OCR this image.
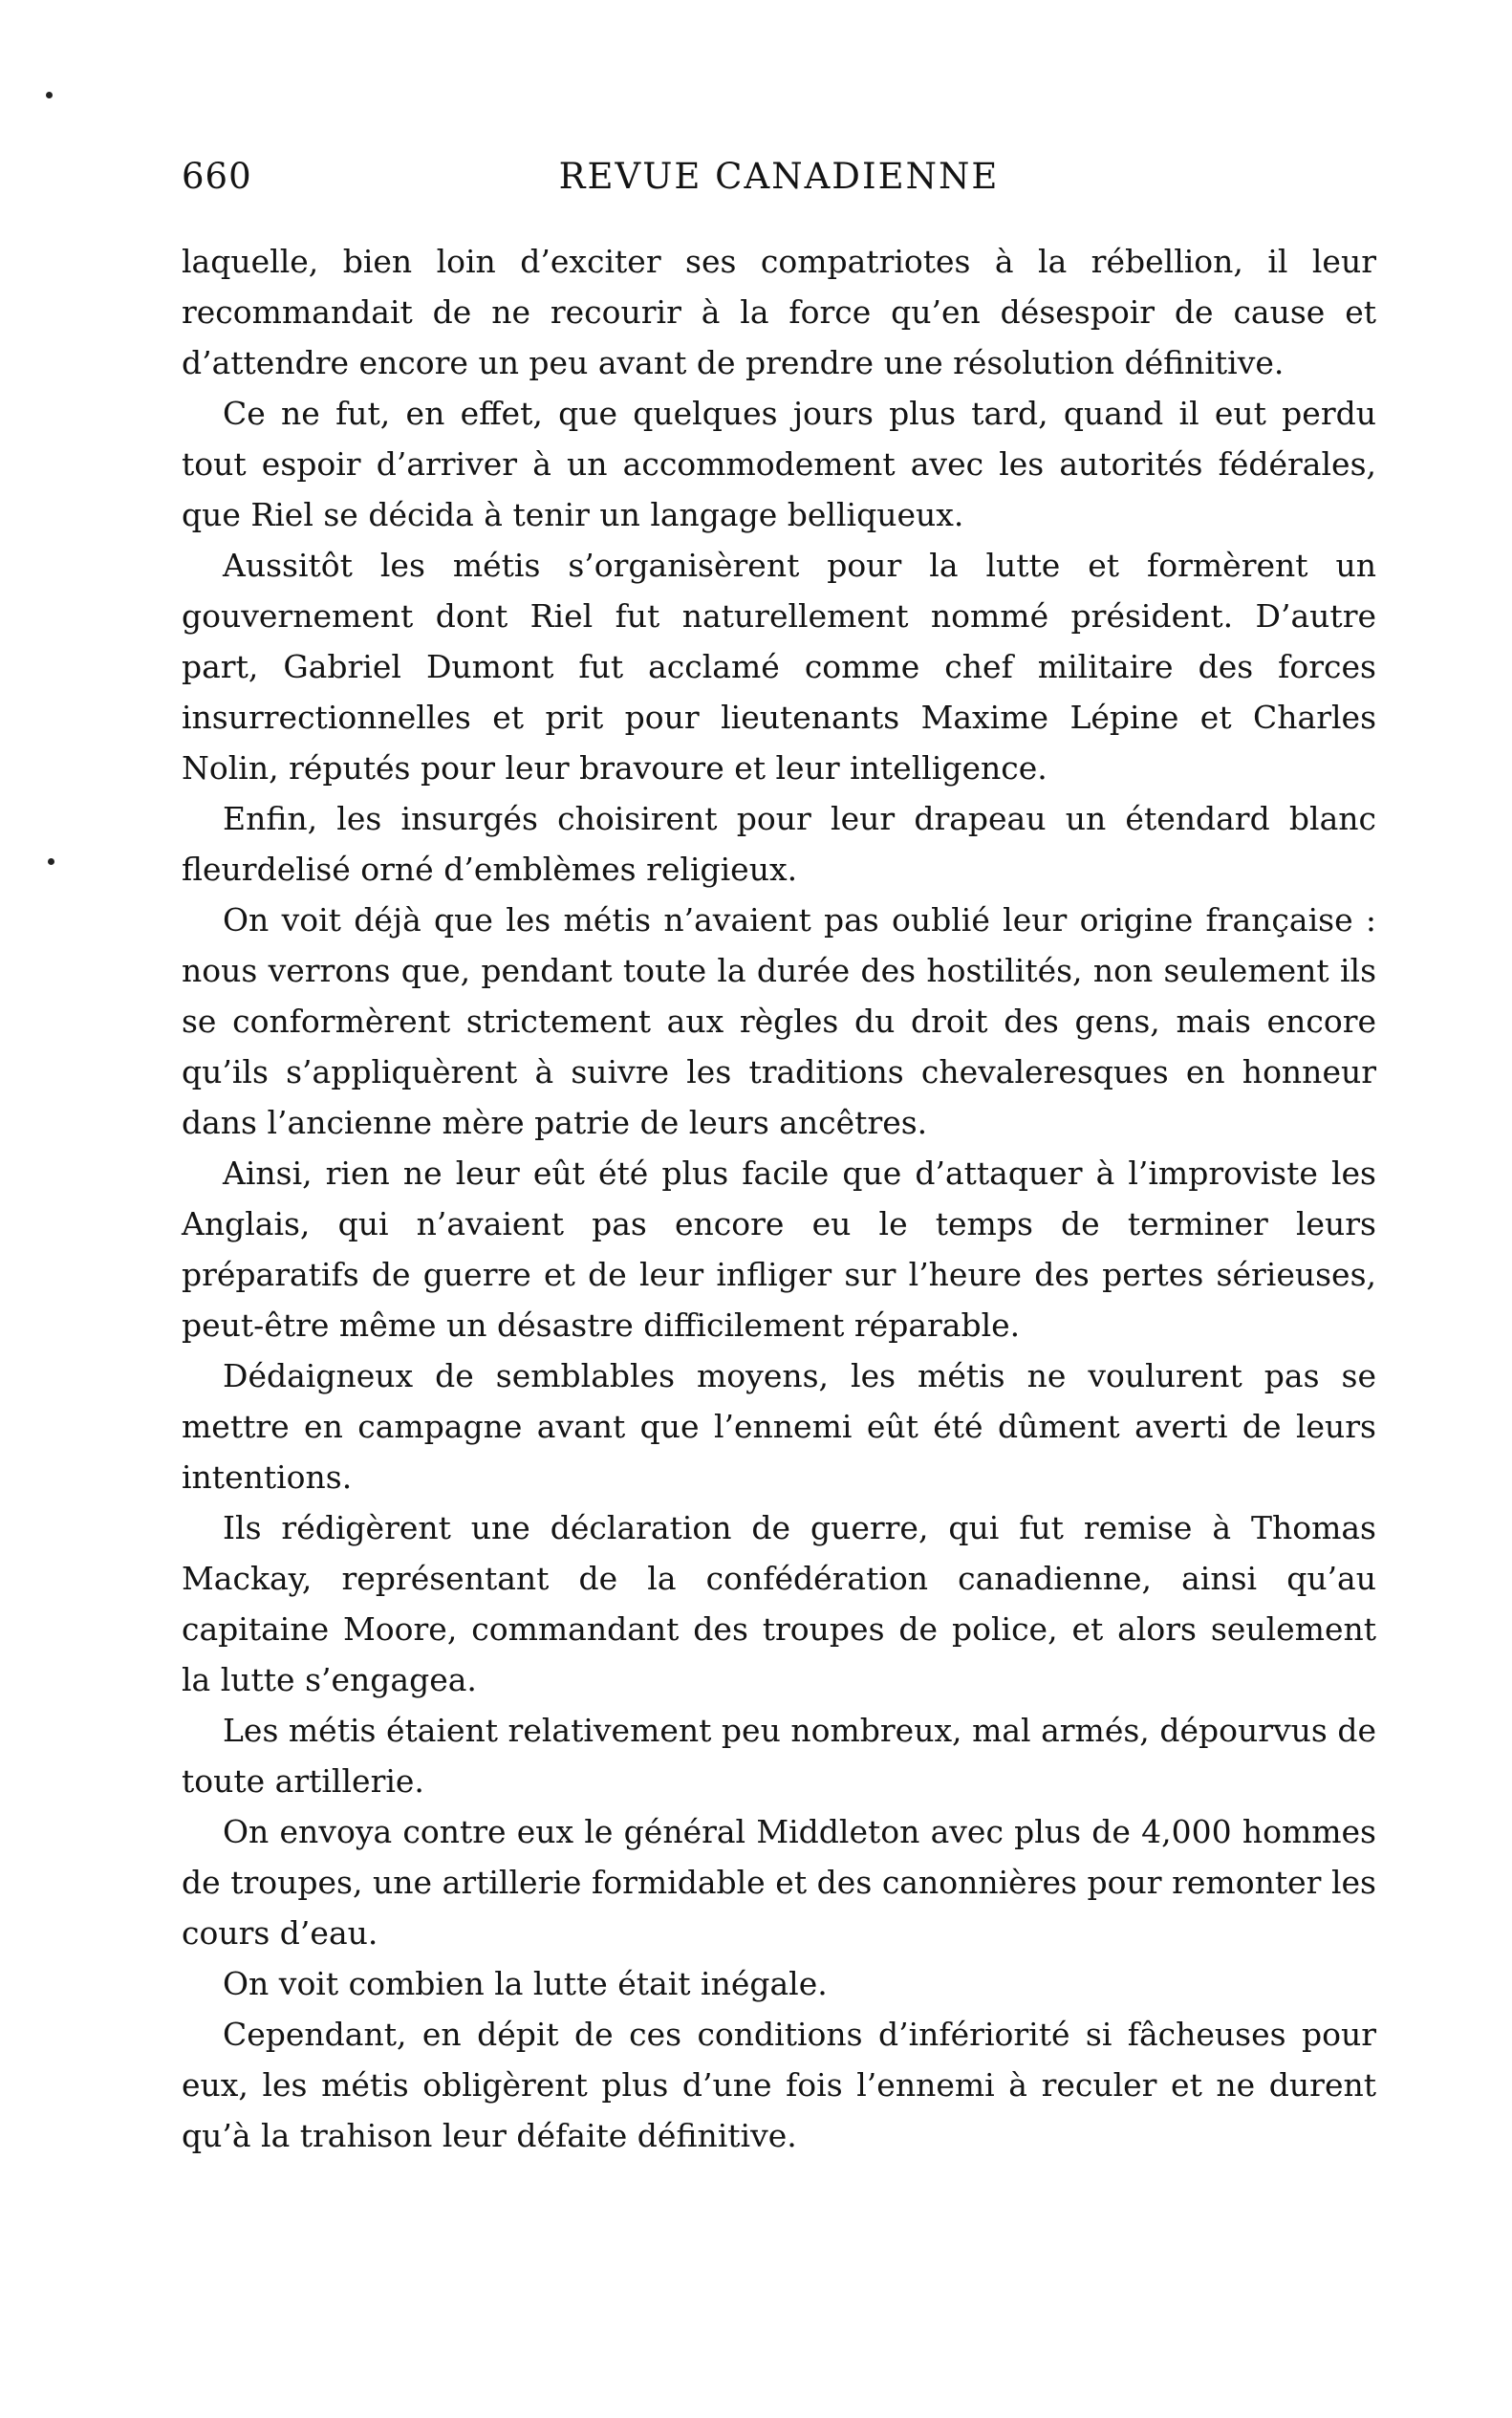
660	REVUE CANADIENNE

laquelle, bien loin d’exciter ses compatriotes à la rébellion, il leur recommandait de ne recourir à la force qu’en désespoir de cause et d’attendre encore un peu avant de prendre une résolution définitive.

Ce ne fut, en effet, que quelques jours plus tard, quand il eut perdu tout espoir d’arriver à un accommodement avec les autorités fédérales, que Riel se décida à tenir un langage belliqueux.

Aussitôt les métis s’organisèrent pour la lutte et formèrent un gouvernement dont Riel fut naturellement nommé président. D’autre part, Gabriel Dumont fut acclamé comme chef militaire des forces insurrectionnelles et prit pour lieutenants Maxime Lépine et Charles Nolin, réputés pour leur bravoure et leur intelligence.

Enfin, les insurgés choisirent pour leur drapeau un étendard blanc fleurdelisé orné d’emblèmes religieux.

On voit déjà que les métis n’avaient pas oublié leur origine française : nous verrons que, pendant toute la durée des hostilités, non seulement ils se conformèrent strictement aux règles du droit des gens, mais encore qu’ils s’appliquèrent à suivre les traditions chevaleresques en honneur dans l’ancienne mère patrie de leurs ancêtres.

Ainsi, rien ne leur eût été plus facile que d’attaquer à l’improviste les Anglais, qui n’avaient pas encore eu le temps de terminer leurs préparatifs de guerre et de leur infliger sur l’heure des pertes sérieuses, peut-être même un désastre difficilement réparable.

Dédaigneux de semblables moyens, les métis ne voulurent pas se mettre en campagne avant que l’ennemi eût été dûment averti de leurs intentions.

Ils rédigèrent une déclaration de guerre, qui fut remise à Thomas Mackay, représentant de la confédération canadienne, ainsi qu’au capitaine Moore, commandant des troupes de police, et alors seulement la lutte s’engagea.

Les métis étaient relativement peu nombreux, mal armés, dépourvus de toute artillerie.

On envoya contre eux le général Middleton avec plus de 4,000 hommes de troupes, une artillerie formidable et des canonnières pour remonter les cours d’eau.

On voit combien la lutte était inégale.

Cependant, en dépit de ces conditions d’infériorité si fâcheuses pour eux, les métis obligèrent plus d’une fois l’ennemi à reculer et ne durent qu’à la trahison leur défaite définitive.
